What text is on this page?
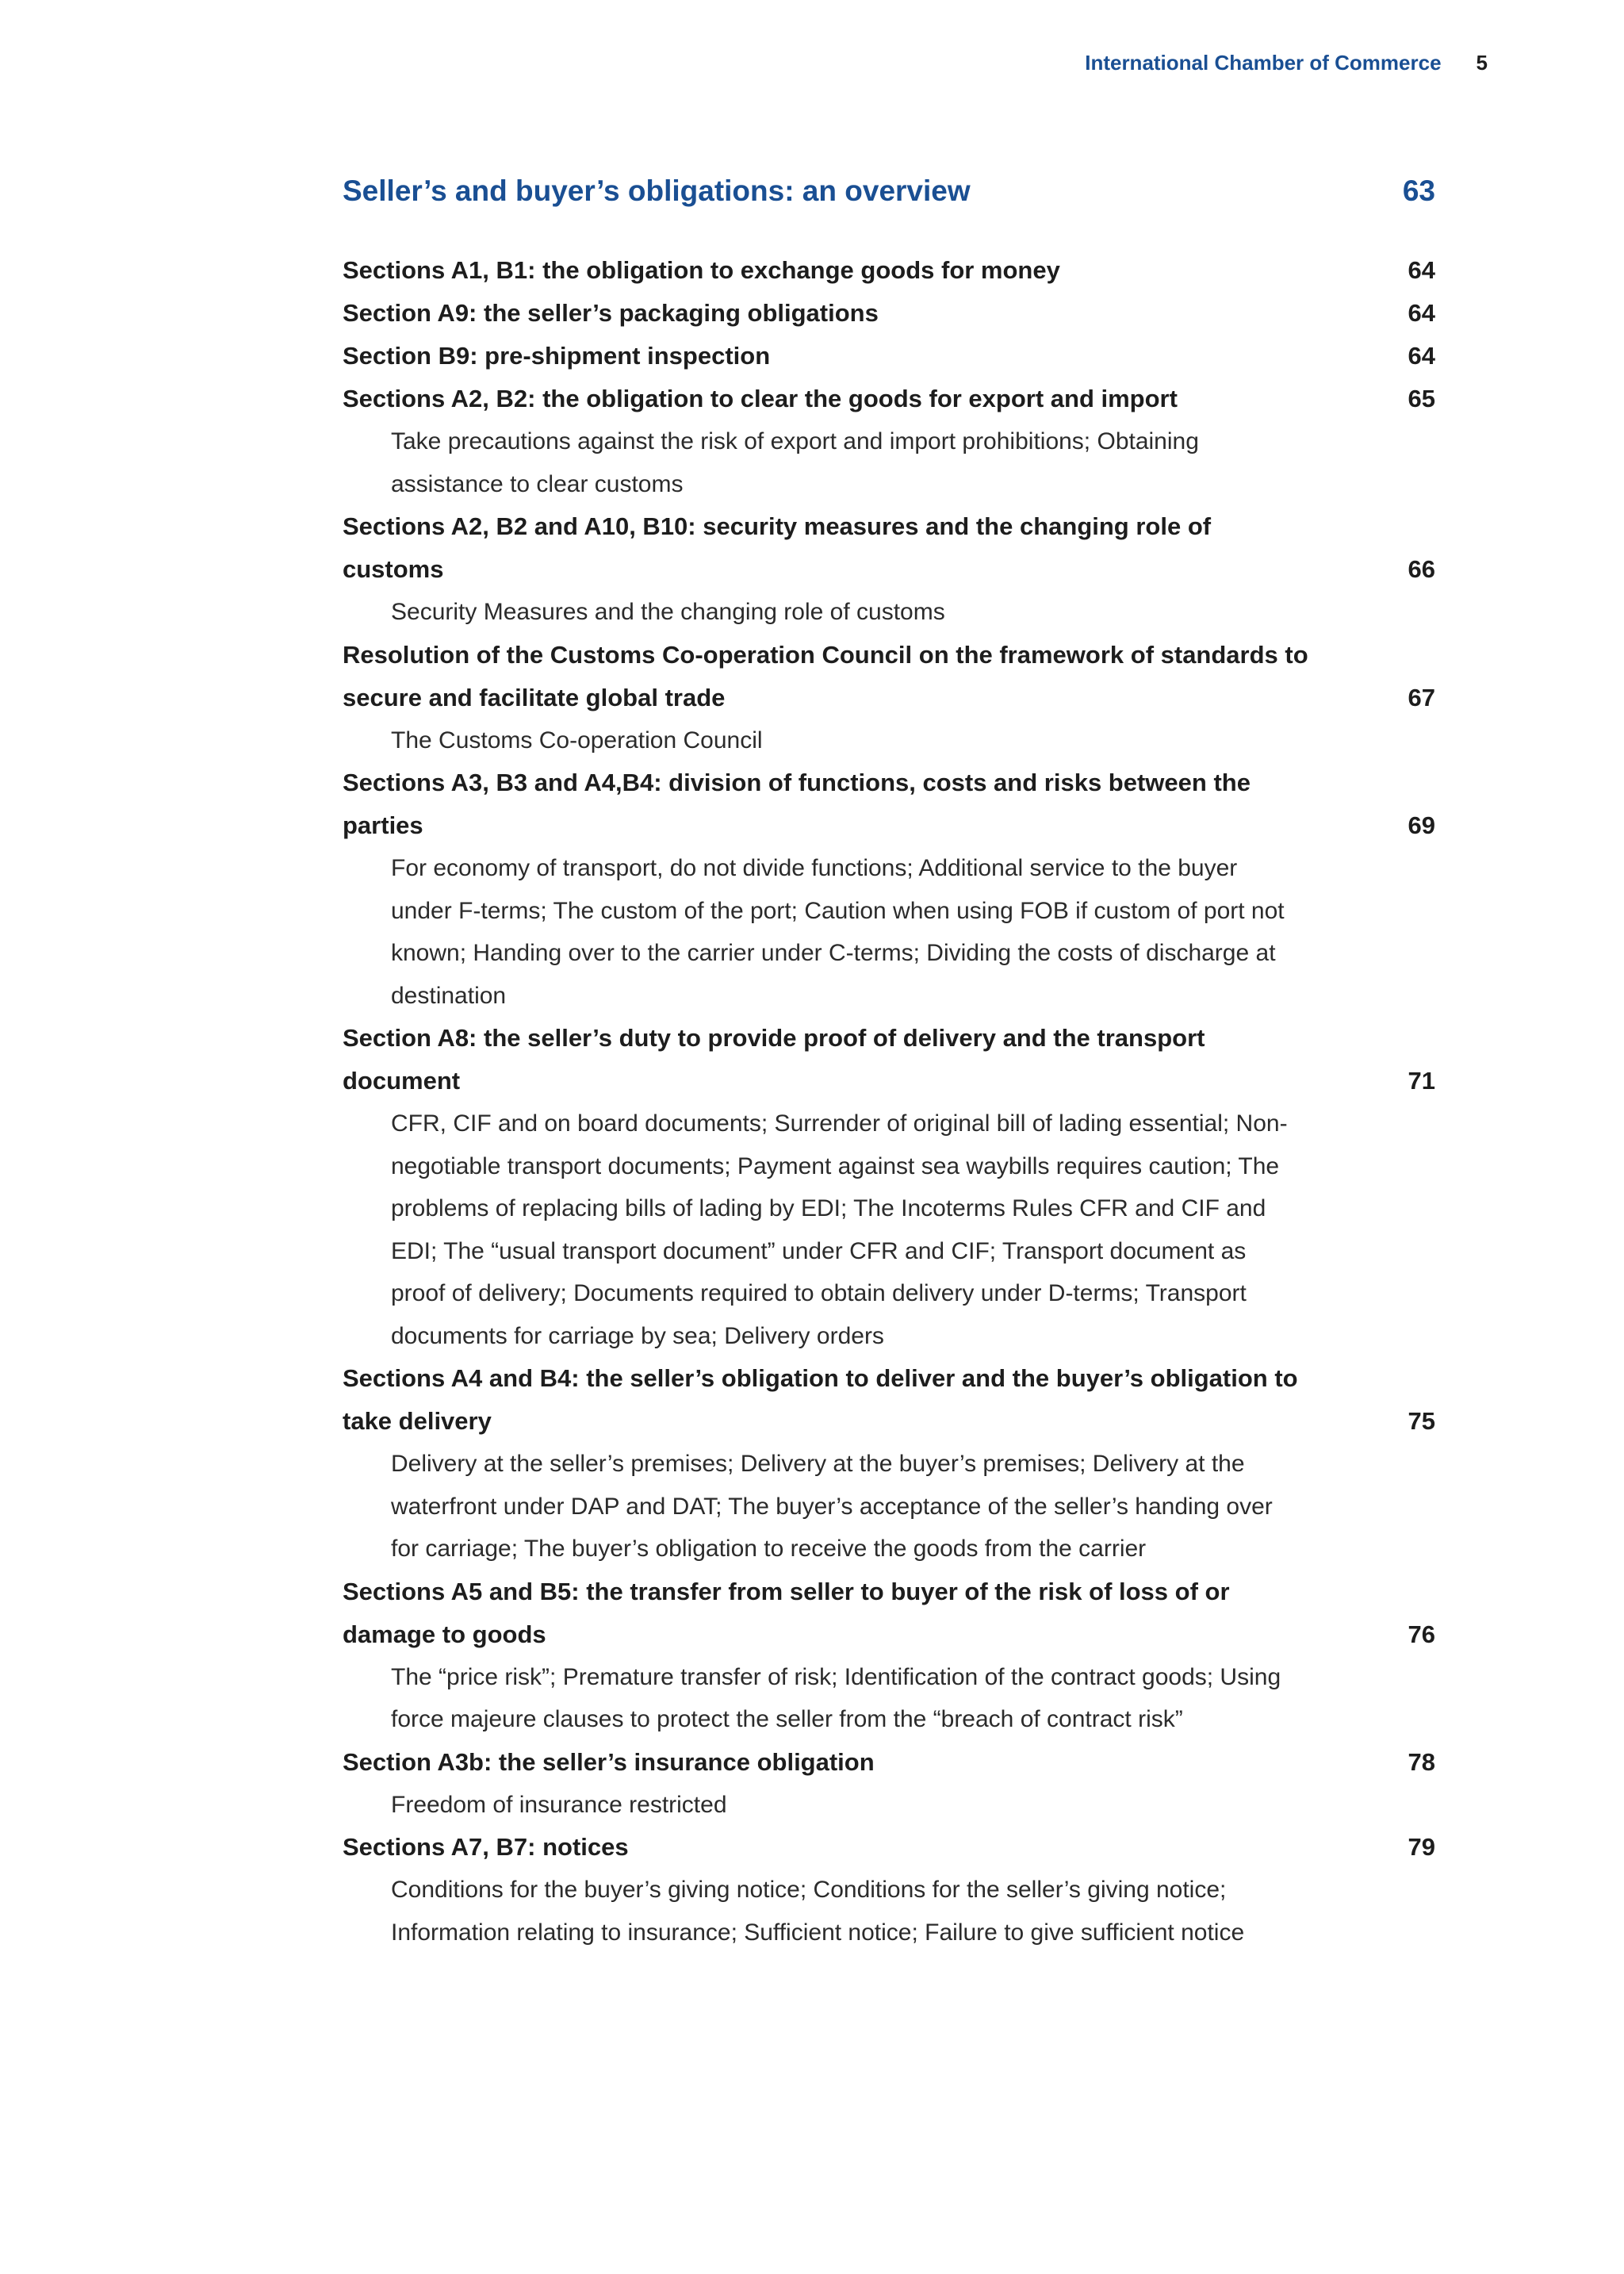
International Chamber of Commerce 5
Seller’s and buyer’s obligations: an overview	63
Sections A1, B1: the obligation to exchange goods for money	64
Section A9: the seller’s packaging obligations	64
Section B9: pre-shipment inspection	64
Sections A2, B2: the obligation to clear the goods for export and import	65
Take precautions against the risk of export and import prohibitions; Obtaining assistance to clear customs
Sections A2, B2 and A10, B10: security measures and the changing role of customs	66
Security Measures and the changing role of customs
Resolution of the Customs Co-operation Council on the framework of standards to secure and facilitate global trade	67
The Customs Co-operation Council
Sections A3, B3 and A4,B4: division of functions, costs and risks between the parties	69
For economy of transport, do not divide functions; Additional service to the buyer under F-terms; The custom of the port; Caution when using FOB if custom of port not known; Handing over to the carrier under C-terms; Dividing the costs of discharge at destination
Section A8: the seller’s duty to provide proof of delivery and the transport document	71
CFR, CIF and on board documents; Surrender of original bill of lading essential; Non-negotiable transport documents; Payment against sea waybills requires caution; The problems of replacing bills of lading by EDI; The Incoterms Rules CFR and CIF and EDI; The “usual transport document” under CFR and CIF; Transport document as proof of delivery; Documents required to obtain delivery under D-terms; Transport documents for carriage by sea; Delivery orders
Sections A4 and B4: the seller’s obligation to deliver and the buyer’s obligation to take delivery	75
Delivery at the seller’s premises; Delivery at the buyer’s premises; Delivery at the waterfront under DAP and DAT; The buyer’s acceptance of the seller’s handing over for carriage; The buyer’s obligation to receive the goods from the carrier
Sections A5 and B5: the transfer from seller to buyer of the risk of loss of or damage to goods	76
The “price risk”; Premature transfer of risk; Identification of the contract goods; Using force majeure clauses to protect the seller from the “breach of contract risk”
Section A3b: the seller’s insurance obligation	78
Freedom of insurance restricted
Sections A7, B7: notices	79
Conditions for the buyer’s giving notice; Conditions for the seller’s giving notice; Information relating to insurance; Sufficient notice; Failure to give sufficient notice
